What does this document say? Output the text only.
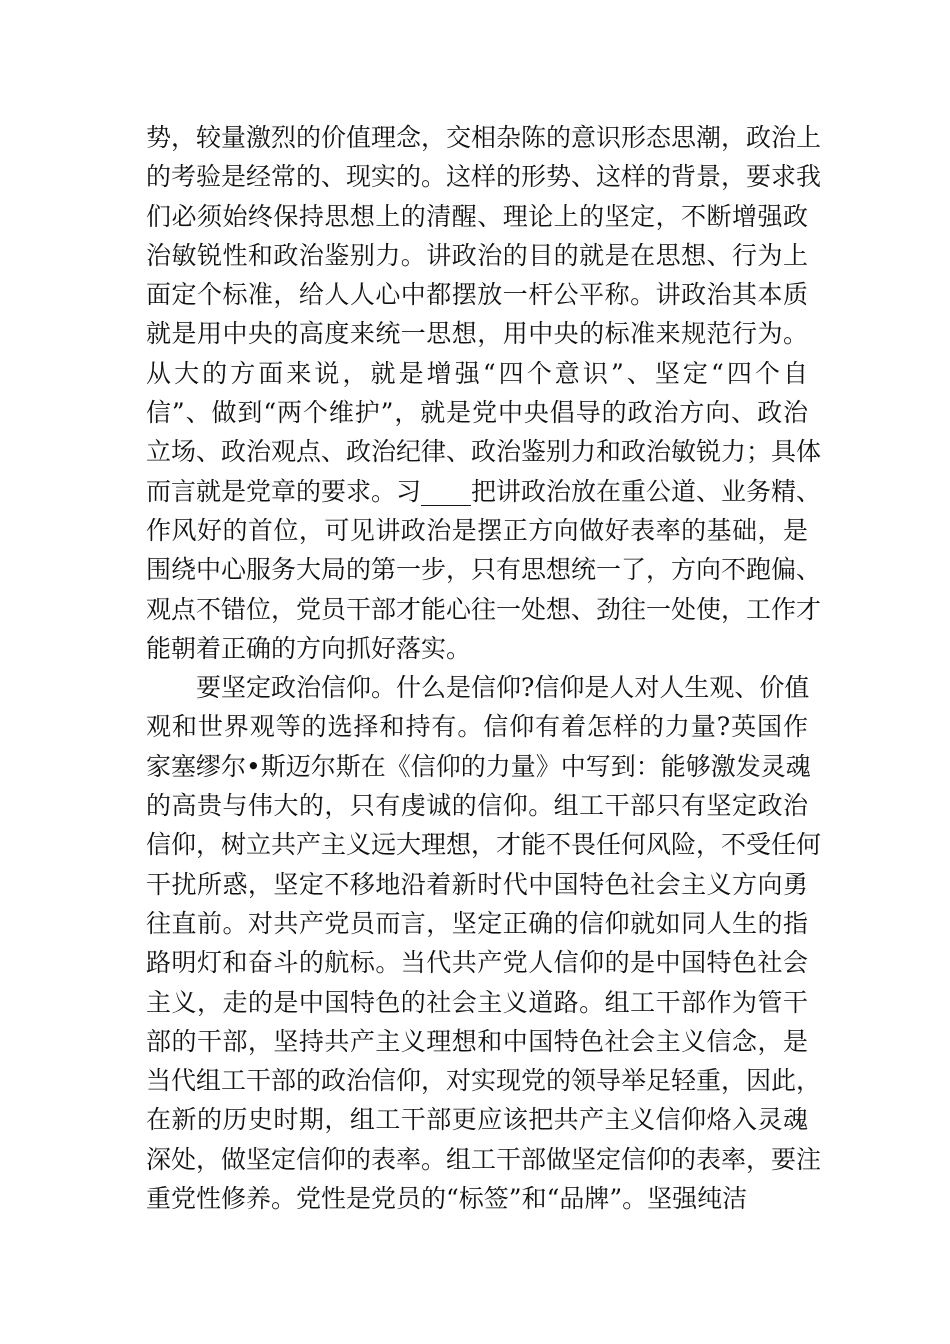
势，较量激烈的价值理念，交相杂陈的意识形态思潮，政治上
的考验是经常的、现实的。这样的形势、这样的背景，要求我
们必须始终保持思想上的清醒、理论上的坚定，不断增强政
治敏锐性和政治鉴别力。讲政治的目的就是在思想、行为上
面定个标准，给人人心中都摆放一杆公平称。讲政治其本质
就是用中央的高度来统一思想，用中央的标准来规范行为。
从大的方面来说，就是增强“四个意识”、坚定“四个自
信”、做到“两个维护”，就是党中央倡导的政治方向、政治
立场、政治观点、政治纪律、政治鉴别力和政治敏锐力；具体
而言就是党章的要求。习____把讲政治放在重公道、业务精、
作风好的首位，可见讲政治是摆正方向做好表率的基础，是
围绕中心服务大局的第一步，只有思想统一了，方向不跑偏、
观点不错位，党员干部才能心往一处想、劲往一处使，工作才
能朝着正确的方向抓好落实。
要坚定政治信仰。什么是信仰?信仰是人对人生观、价值
观和世界观等的选择和持有。信仰有着怎样的力量?英国作
家塞缪尔•斯迈尔斯在《信仰的力量》中写到：能够激发灵魂
的高贵与伟大的，只有虔诚的信仰。组工干部只有坚定政治
信仰，树立共产主义远大理想，才能不畏任何风险，不受任何
干扰所惑，坚定不移地沿着新时代中国特色社会主义方向勇
往直前。对共产党员而言，坚定正确的信仰就如同人生的指
路明灯和奋斗的航标。当代共产党人信仰的是中国特色社会
主义，走的是中国特色的社会主义道路。组工干部作为管干
部的干部，坚持共产主义理想和中国特色社会主义信念，是
当代组工干部的政治信仰，对实现党的领导举足轻重，因此，
在新的历史时期，组工干部更应该把共产主义信仰烙入灵魂
深处，做坚定信仰的表率。组工干部做坚定信仰的表率，要注
重党性修养。党性是党员的“标签”和“品牌”。坚强纯洁
